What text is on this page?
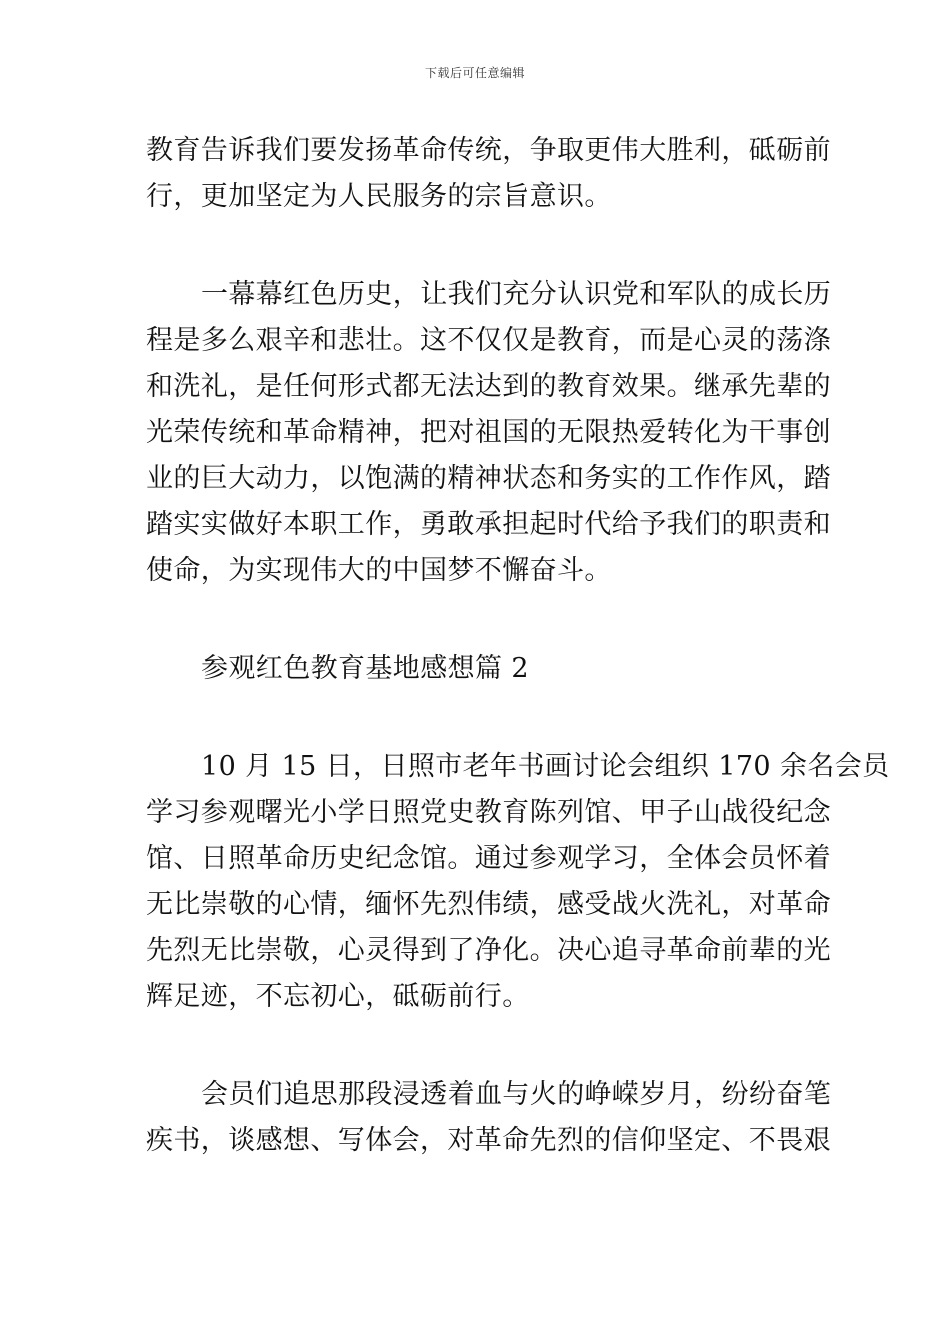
下载后可任意编辑
教育告诉我们要发扬革命传统，争取更伟大胜利，砥砺前
行，更加坚定为人民服务的宗旨意识。
一幕幕红色历史，让我们充分认识党和军队的成长历
程是多么艰辛和悲壮。这不仅仅是教育，而是心灵的荡涤
和洗礼，是任何形式都无法达到的教育效果。继承先辈的
光荣传统和革命精神，把对祖国的无限热爱转化为干事创
业的巨大动力，以饱满的精神状态和务实的工作作风，踏
踏实实做好本职工作，勇敢承担起时代给予我们的职责和
使命，为实现伟大的中国梦不懈奋斗。
参观红色教育基地感想篇 2
10 月 15 日，日照市老年书画讨论会组织 170 余名会员
学习参观曙光小学日照党史教育陈列馆、甲子山战役纪念
馆、日照革命历史纪念馆。通过参观学习，全体会员怀着
无比崇敬的心情，缅怀先烈伟绩，感受战火洗礼，对革命
先烈无比崇敬，心灵得到了净化。决心追寻革命前辈的光
辉足迹，不忘初心，砥砺前行。
会员们追思那段浸透着血与火的峥嵘岁月，纷纷奋笔
疾书，谈感想、写体会，对革命先烈的信仰坚定、不畏艰
